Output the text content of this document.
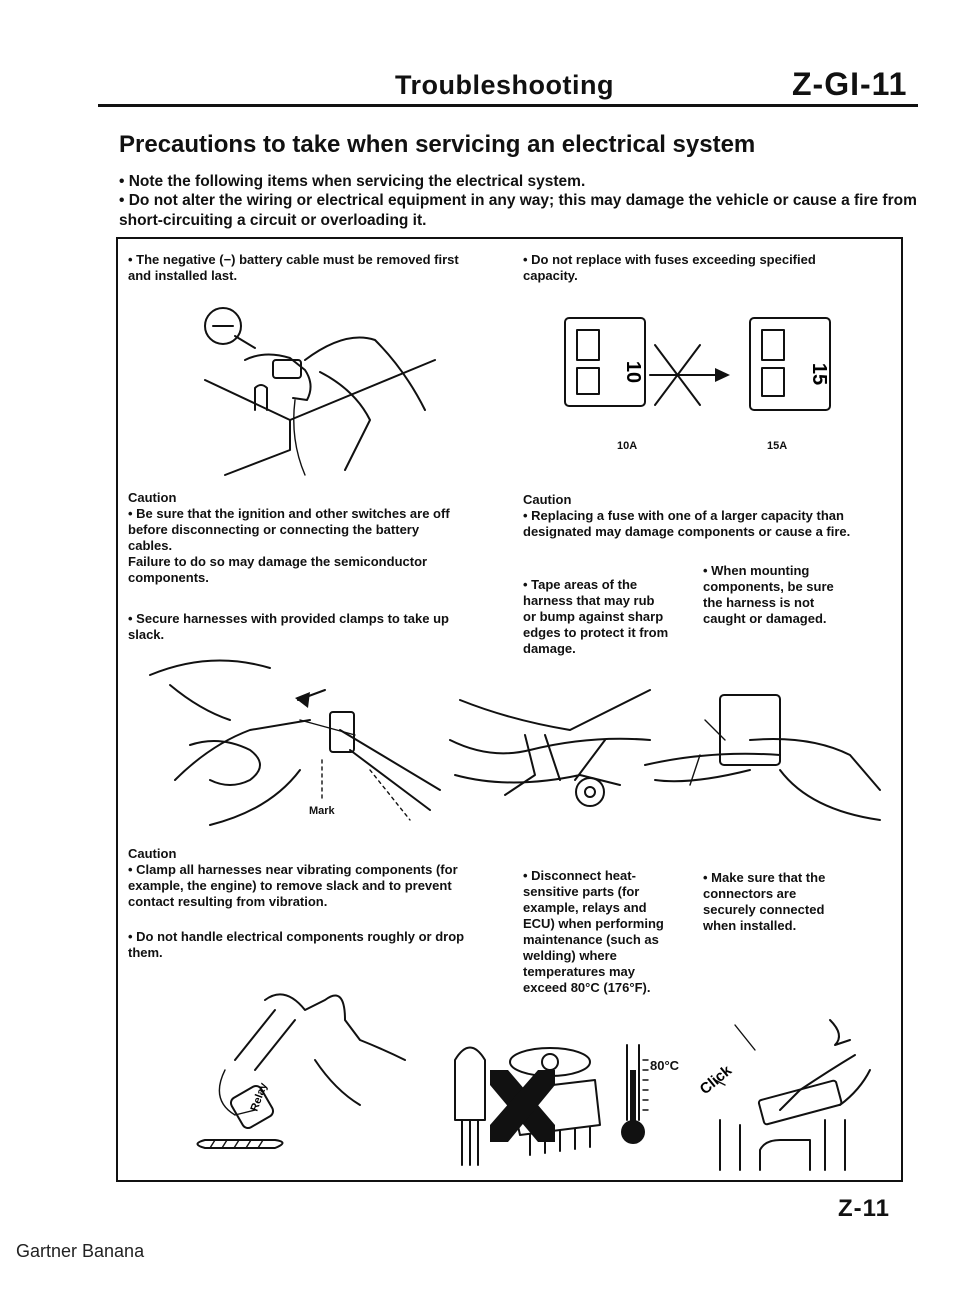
Troubleshooting	Z-GI-11
Precautions to take when servicing an electrical system
• Note the following items when servicing the electrical system.
• Do not alter the wiring or electrical equipment in any way; this may damage the vehicle or cause a fire from short-circuiting a circuit or overloading it.
• The negative (−) battery cable must be removed first
and installed last.
Caution
• Be sure that the ignition and other switches are off
before disconnecting or connecting the battery
cables.
Failure to do so may damage the semiconductor
components.
• Secure harnesses with provided clamps to take up
slack.
• Do not replace with fuses exceeding specified
capacity.
10	15
10A	15A
Caution
• Replacing a fuse with one of a larger capacity than
designated may damage components or cause a fire.
• Tape areas of the
harness that may rub
or bump against sharp
edges to protect it from
damage.
• When mounting
components, be sure
the harness is not
caught or damaged.
Mark
Caution
• Clamp all harnesses near vibrating components (for
example, the engine) to remove slack and to prevent
contact resulting from vibration.
• Do not handle electrical components roughly or drop
them.
Relay
• Disconnect heat-
sensitive parts (for
example, relays and
ECU) when performing
maintenance (such as
welding) where
temperatures may
exceed 80°C (176°F).
• Make sure that the
connectors are
securely connected
when installed.
80°C Click
Z-11
Gartner Banana
